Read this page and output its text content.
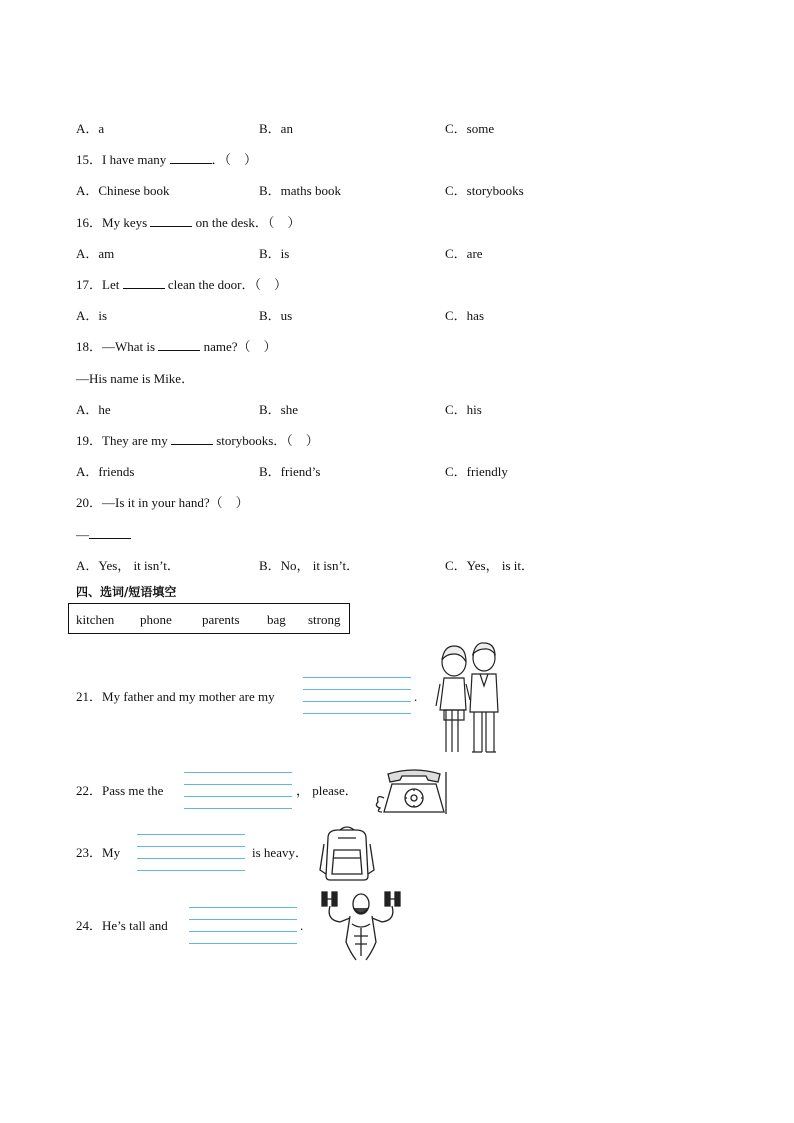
A．a	B．an	C．some
15．I have many	．（　）
A．Chinese book	B．maths book	C．storybooks
16．My keys	on the desk．（　）
A．am	B．is	C．are
17．Let	clean the door．（　）
A．is	B．us	C．has
18．—What is	name?（　）
—His name is Mike．
A．he	B．she	C．his
19．They are my	storybooks．（　）
A．friends	B．friend’s	C．friendly
20．—Is it in your hand?（　）
—
A．Yes， it isn’t．	B．No， it isn’t．	C．Yes， is it．
四、选词/短语填空
kitchen phone parents bag strong
21．My father and my mother are my	.
22．Pass me the	， please．
23．My	is heavy．
24．He’s tall and	.
